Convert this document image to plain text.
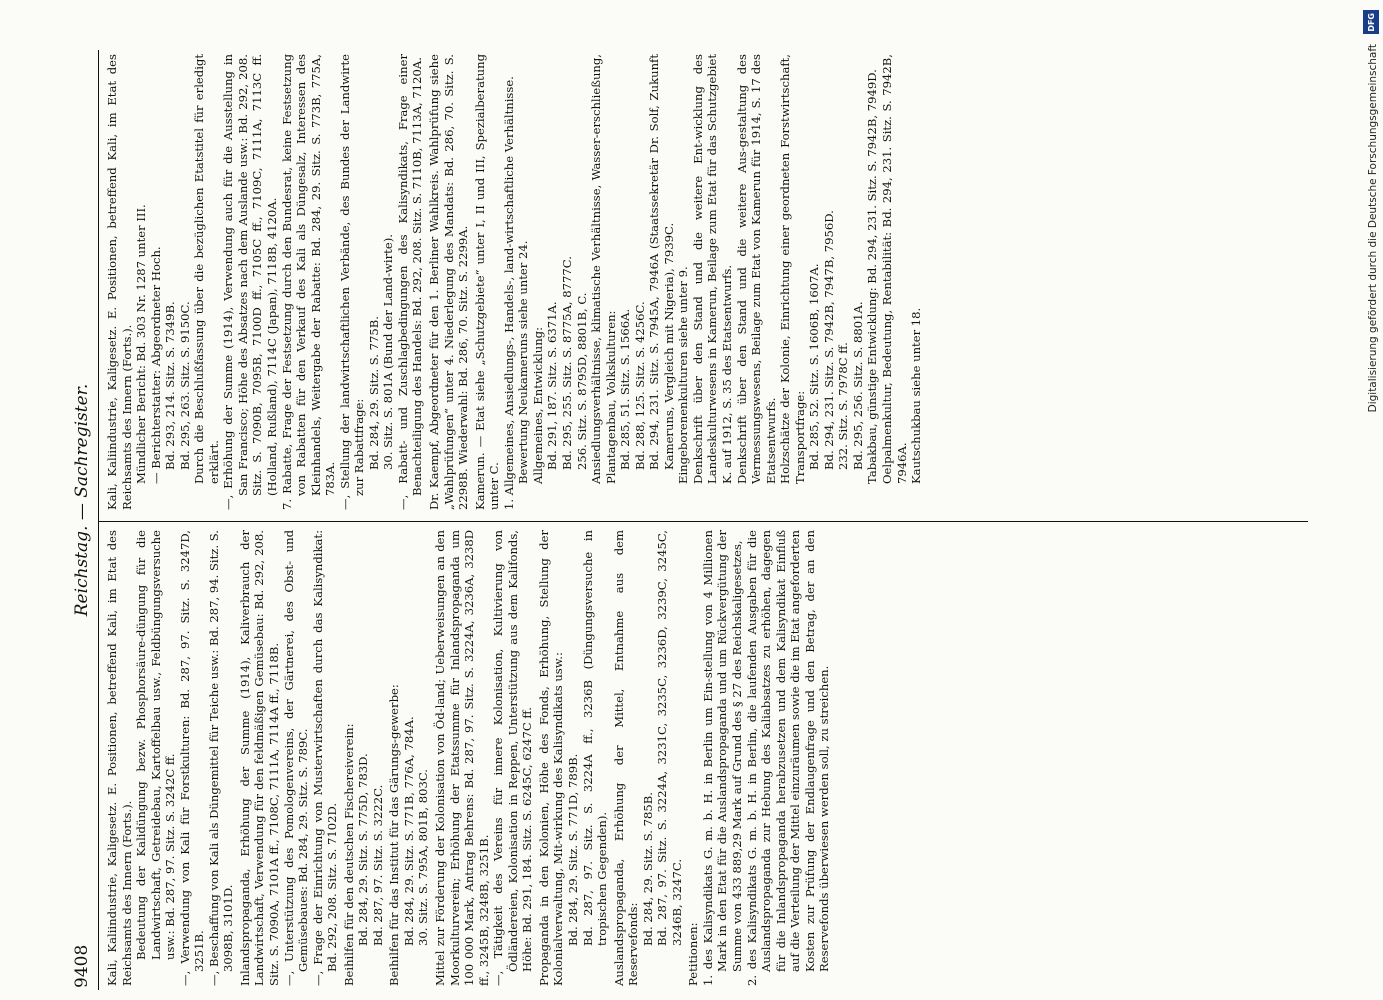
9408
Reichstag. — Sachregister.

Kali, Kaliindustrie, Kaligesetz. E. Positionen, betreffend Kali, im Etat des Reichsamts des Innern (Forts.). Bedeutung der Kalidüngung bezw. Phosphorsäure-düngung für die Landwirtschaft, Getreidebau, Kartoffelbau usw., Feldbüngungsversuche usw.: Bd. 287, 97. Sitz. S. 3242C ff. —, Verwendung von Kali für Forstkulturen: Bd. 287, 97. Sitz. S. 3247D, 3251B. —, Beschaffung von Kali als Düngemittel für Teiche usw.: Bd. 287, 94. Sitz. S. 3098B, 3101D. Inlandspropaganda, Erhöhung der Summe (1914), Kaliverbrauch der Landwirtschaft, Verwendung für den feldmäßigen Gemüsebau: Bd. 292, 208. Sitz. S. 7090A, 7101A ff., 7108C, 7111A, 7114A ff., 7118B. —, Unterstützung des Pomologenvereins, der Gärtnerei, des Obst- und Gemüsebaues: Bd. 284, 29. Sitz. S. 789C. —, Frage der Einrichtung von Musterwirtschaften durch das Kalisyndikat: Bd. 292, 208. Sitz. S. 7102D. Beihilfen für den deutschen Fischereiverein: Bd. 284, 29. Sitz. S. 775D, 783D. Bd. 287, 97. Sitz. S. 3222C. Beihilfen für das Institut für das Gärungs-gewerbe: Bd. 284, 29. Sitz. S. 771B, 776A, 784A. 30. Sitz. S. 795A, 801B, 803C. Mittel zur Förderung der Kolonisation von Öd-land; Ueberweisungen an den Moorkulturverein; Erhöhung der Etatssumme für Inlandspropaganda um 100 000 Mark, Antrag Behrens: Bd. 287, 97. Sitz. S. 3224A, 3236A, 3238D ff., 3245B, 3248B, 3251B. —, Tätigkeit des Vereins für innere Kolonisation, Kultivierung von Ödländereien, Kolonisation in Reppen, Unterstützung aus dem Kalifonds, Höhe: Bd. 291, 184. Sitz. S. 6245C, 6247C ff. Propaganda in den Kolonien, Höhe des Fonds, Erhöhung, Stellung der Kolonialverwaltung, Mit-wirkung des Kalisyndikats usw.: Bd. 284, 29. Sitz. S. 771D, 789B. Bd. 287, 97. Sitz. S. 3224A ff., 3236B (Düngungsversuche in tropischen Gegenden). Auslandspropaganda, Erhöhung der Mittel, Entnahme aus dem Reservefonds: Bd. 284, 29. Sitz. S. 785B. Bd. 287, 97. Sitz. S. 3224A, 3231C, 3235C, 3236D, 3239C, 3245C, 3246B, 3247C.

Petitionen: 1. des Kalisyndikats G. m. b. H. in Berlin um Ein-stellung von 4 Millionen Mark in den Etat für die Auslandspropaganda und um Rückvergütung der Summe von 433 889,29 Mark auf Grund des § 27 des Reichskaligesetzes, 2. des Kalisyndikats G. m. b. H. in Berlin, die laufenden Ausgaben für die Auslandspropaganda zur Hebung des Kaliabsatzes zu erhöhen, dagegen für die Inlandspropaganda herabzusetzen und dem Kalisyndikat Einfluß auf die Verteilung der Mittel einzuräumen sowie die im Etat angeforderten Kosten zur Prüfung der Endlaugenfrage und den Betrag, der an den Reservefonds überwiesen werden soll, zu streichen.

Kali, Kaliindustrie, Kaligesetz. E. Positionen, betreffend Kali, im Etat des Reichsamts des Innern (Forts.). Mündlicher Bericht: Bd. 303 Nr. 1287 unter III. — Berichterstatter: Abgeordneter Hoch. Bd. 293, 214. Sitz. S. 7349B. Bd. 295, 263. Sitz. S. 9150C. Durch die Beschlußfassung über die bezüglichen Etatstitel für erledigt erklärt. —, Erhöhung der Summe (1914), Verwendung auch für die Ausstellung in San Francisco; Höhe des Absatzes nach dem Auslande usw.: Bd. 292, 208. Sitz. S. 7090B, 7095B, 7100D ff., 7105C ff., 7109C, 7111A, 7113C ff. (Holland, Rußland), 7114C (Japan), 7118B, 4120A. 7. Rabatte, Frage der Festsetzung durch den Bundesrat, keine Festsetzung von Rabatten für den Verkauf des Kali als Düngesalz, Interessen des Kleinhandels, Weitergabe der Rabatte: Bd. 284, 29. Sitz. S. 773B, 775A, 783A. —, Stellung der landwirtschaftlichen Verbände, des Bundes der Landwirte zur Rabattfrage: Bd. 284, 29. Sitz. S. 775B. 30. Sitz. S. 801A (Bund der Land-wirte). —, Rabatt- und Zuschlagbedingungen des Kalisyndikats, Frage einer Benachteiligung des Handels: Bd. 292, 208. Sitz. S. 7110B, 7113A, 7120A. Dr. Kaempf, Abgeordneter für den 1. Berliner Wahlkreis. Wahlprüfung siehe „Wahlprüfungen“ unter 4. Niederlegung des Mandats: Bd. 286, 70. Sitz. S. 2298B. Wiederwahl: Bd. 286, 70. Sitz. S. 2299A. Kamerun. — Etat siehe „Schutzgebiete“ unter I, II und III, Spezialberatung unter C. 1. Allgemeines, Ansiedlungs-, Handels-, land-wirtschaftliche Verhältnisse. Bewertung Neukameruns siehe unter 24. Allgemeines, Entwicklung: Bd. 291, 187. Sitz. S. 6371A. Bd. 295, 255. Sitz. S. 8775A, 8777C. 256. Sitz. S. 8795D, 8801B, C. Ansiedlungsverhältnisse, klimatische Verhältnisse, Wasser-erschließung, Plantagenbau, Volkskulturen: Bd. 285, 51. Sitz. S. 1566A. Bd. 288, 125. Sitz. S. 4256C. Bd. 294, 231. Sitz. S. 7945A, 7946A (Staatssekretär Dr. Solf, Zukunft Kameruns, Vergleich mit Nigeria), 7939C. Eingeborenenkulturen siehe unter 9. Denkschrift über den Stand und die weitere Ent-wicklung des Landeskulturwesens in Kamerun, Beilage zum Etat für das Schutzgebiet K. auf 1912, S. 35 des Etatsentwurfs. Denkschrift über den Stand und die weitere Aus-gestaltung des Vermessungswesens, Beilage zum Etat von Kamerun für 1914, S. 17 des Etatsentwurfs. Holzschätze der Kolonie, Einrichtung einer geordneten Forstwirtschaft, Transportfrage: Bd. 285, 52. Sitz. S. 1606B, 1607A. Bd. 294, 231. Sitz. S. 7942B, 7947B, 7956D. 232. Sitz. S. 7978C ff. Bd. 295, 256. Sitz. S. 8801A. Tabakbau, günstige Entwicklung: Bd. 294, 231. Sitz. S. 7942B, 7949D. Oelpalmenkultur, Bedeutung, Rentabilität: Bd. 294, 231. Sitz. S. 7942B, 7946A. Kautschukbau siehe unter 18.

DFG
Digitalisierung gefördert durch die Deutsche Forschungsgemeinschaft
